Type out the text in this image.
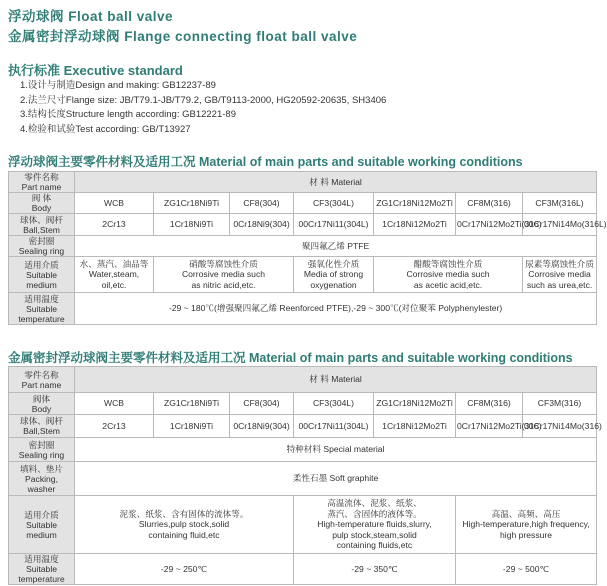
浮动球阀 Float ball valve
金属密封浮动球阀 Flange connecting float ball valve
执行标准 Executive standard
1.设计与制造Design and making: GB12237-89
2.法兰尺寸Flange size: JB/T79.1-JB/T79.2, GB/T9113-2000, HG20592-20635, SH3406
3.结构长度Structure length according: GB12221-89
4.检验和试验Test according: GB/T13927
浮动球阀主要零件材料及适用工况 Material of main parts and suitable working conditions
零件名称
Part name	材 料 Material						
阀 体
Body	WCB	ZG1Cr18Ni9Ti	CF8(304)	CF3(304L)	ZG1Cr18Ni12Mo2Ti	CF8M(316)	CF3M(316L)
球体、阀杆
Ball,Stem	2Cr13	1Cr18Ni9Ti	0Cr18Ni9(304)	00Cr17Ni11(304L)	1Cr18Ni12Mo2Ti	0Cr17Ni12Mo2Ti(316)	00Cr17Ni14Mo(316L)
密封圈
Sealing ring	聚四氟乙烯 PTFE						
适用介质
Suitable medium	水、蒸汽、油品等
Water,steam,
oil,etc.	硝酸等腐蚀性介质
Corrosive media such
as nitric acid,etc.		强氧化性介质
Media of strong
oxygenation	醋酸等腐蚀性介质
Corrosive media such
as acetic acid,etc.		尿素等腐蚀性介质
Corrosive media
such as urea,etc.
适用温度
Suitable temperature	-29 ~ 180℃(增强聚四氟乙烯 Reenforced PTFE),-29 ~ 300℃(对位聚苯 Polyphenylester)						
金属密封浮动球阀主要零件材料及适用工况 Material of main parts and suitable working conditions
零件名称
Part name	材 料 Material						
阀体
Body	WCB	ZG1Cr18Ni9Ti	CF8(304)	CF3(304L)	ZG1Cr18Ni12Mo2Ti	CF8M(316)	CF3M(316)
球体、阀杆
Ball,Stem	2Cr13	1Cr18Ni9Ti	0Cr18Ni9(304)	00Cr17Ni11(304L)	1Cr18Ni12Mo2Ti	0Cr17Ni12Mo2Ti(316)	00Cr17Ni14Mo(316)
密封圈
Sealing ring	特种材料 Special material						
填料、垫片
Packing,
washer	柔性石墨 Soft graphite						
适用介质
Suitable medium	泥浆、纸浆、含有固体的流体等。
Slurries,pulp stock,solid
containing fluid,etc			高温流体、泥浆、纸浆、
蒸汽、含固体的液体等。
High-temperature fluids,slurry,
pulp stock,steam,solid
containing fluids,etc		高温、高频、高压
High-temperature,high frequency,
high pressure	
适用温度
Suitable temperature	-29 ~ 250℃			-29 ~ 350℃		-29 ~ 500℃	
